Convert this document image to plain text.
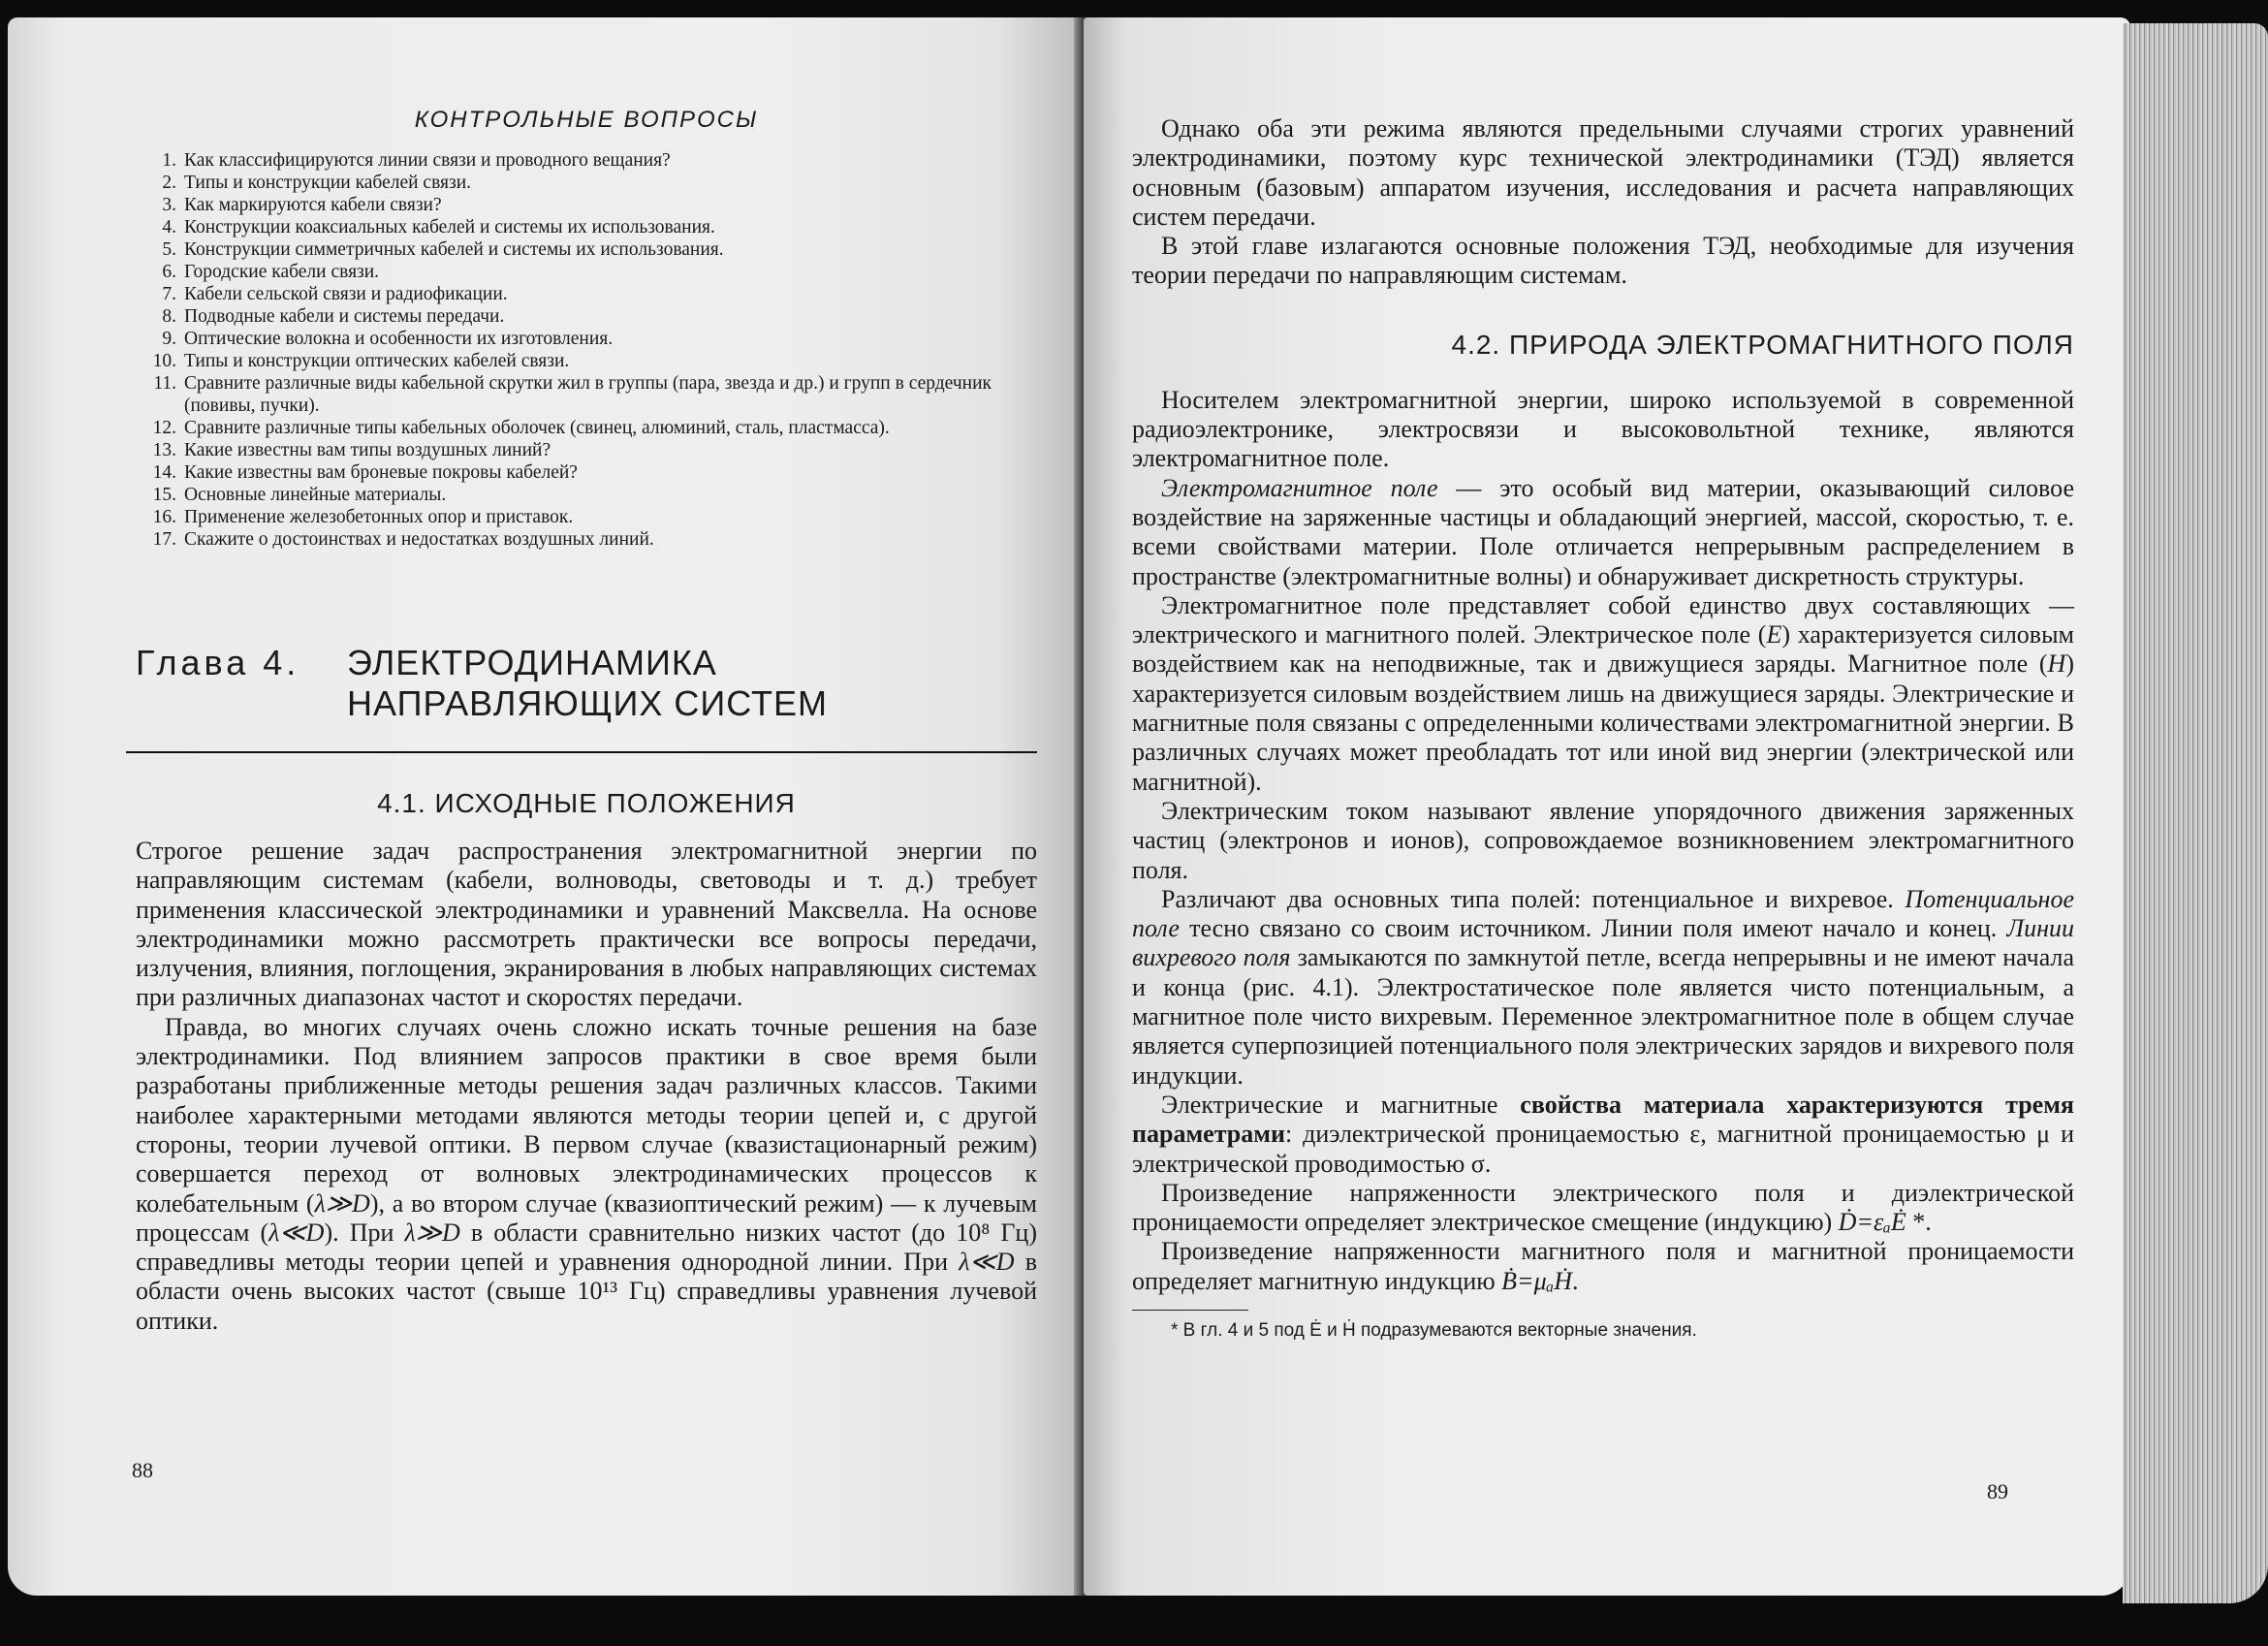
КОНТРОЛЬНЫЕ ВОПРОСЫ
1. Как классифицируются линии связи и проводного вещания?
2. Типы и конструкции кабелей связи.
3. Как маркируются кабели связи?
4. Конструкции коаксиальных кабелей и системы их использования.
5. Конструкции симметричных кабелей и системы их использования.
6. Городские кабели связи.
7. Кабели сельской связи и радиофикации.
8. Подводные кабели и системы передачи.
9. Оптические волокна и особенности их изготовления.
10. Типы и конструкции оптических кабелей связи.
11. Сравните различные виды кабельной скрутки жил в группы (пара, звезда и др.) и групп в сердечник (повивы, пучки).
12. Сравните различные типы кабельных оболочек (свинец, алюминий, сталь, пластмасса).
13. Какие известны вам типы воздушных линий?
14. Какие известны вам броневые покровы кабелей?
15. Основные линейные материалы.
16. Применение железобетонных опор и приставок.
17. Скажите о достоинствах и недостатках воздушных линий.
Глава 4.	ЭЛЕКТРОДИНАМИКА
НАПРАВЛЯЮЩИХ СИСТЕМ
4.1. ИСХОДНЫЕ ПОЛОЖЕНИЯ

Строгое решение задач распространения электромагнитной энергии по направляющим системам (кабели, волноводы, световоды и т. д.) требует применения классической электродинамики и уравнений Максвелла. На основе электродинамики можно рассмотреть практически все вопросы передачи, излучения, влияния, поглощения, экранирования в любых направляющих системах при различных диапазонах частот и скоростях передачи.

Правда, во многих случаях очень сложно искать точные решения на базе электродинамики. Под влиянием запросов практики в свое время были разработаны приближенные методы решения задач различных классов. Такими наиболее характерными методами являются методы теории цепей и, с другой стороны, теории лучевой оптики. В первом случае (квазистационарный режим) совершается переход от волновых электродинамических процессов к колебательным (λ≫D), а во втором случае (квазиоптический режим) — к лучевым процессам (λ≪D). При λ≫D в области сравнительно низких частот (до 10⁸ Гц) справедливы методы теории цепей и уравнения однородной линии. При λ≪D в области очень высоких частот (свыше 10¹³ Гц) справедливы уравнения лучевой оптики.

88

Однако оба эти режима являются предельными случаями строгих уравнений электродинамики, поэтому курс технической электродинамики (ТЭД) является основным (базовым) аппаратом изучения, исследования и расчета направляющих систем передачи.

В этой главе излагаются основные положения ТЭД, необходимые для изучения теории передачи по направляющим системам.

4.2. ПРИРОДА ЭЛЕКТРОМАГНИТНОГО ПОЛЯ

Носителем электромагнитной энергии, широко используемой в современной радиоэлектронике, электросвязи и высоковольтной технике, являются электромагнитное поле.

Электромагнитное поле — это особый вид материи, оказывающий силовое воздействие на заряженные частицы и обладающий энергией, массой, скоростью, т. е. всеми свойствами материи. Поле отличается непрерывным распределением в пространстве (электромагнитные волны) и обнаруживает дискретность структуры.

Электромагнитное поле представляет собой единство двух составляющих — электрического и магнитного полей. Электрическое поле (E) характеризуется силовым воздействием как на неподвижные, так и движущиеся заряды. Магнитное поле (H) характеризуется силовым воздействием лишь на движущиеся заряды. Электрические и магнитные поля связаны с определенными количествами электромагнитной энергии. В различных случаях может преобладать тот или иной вид энергии (электрической или магнитной).

Электрическим током называют явление упорядочного движения заряженных частиц (электронов и ионов), сопровождаемое возникновением электромагнитного поля.

Различают два основных типа полей: потенциальное и вихревое. Потенциальное поле тесно связано со своим источником. Линии поля имеют начало и конец. Линии вихревого поля замыкаются по замкнутой петле, всегда непрерывны и не имеют начала и конца (рис. 4.1). Электростатическое поле является чисто потенциальным, а магнитное поле чисто вихревым. Переменное электромагнитное поле в общем случае является суперпозицией потенциального поля электрических зарядов и вихревого поля индукции.

Электрические и магнитные свойства материала характеризуются тремя параметрами: диэлектрической проницаемостью ε, магнитной проницаемостью μ и электрической проводимостью σ.

Произведение напряженности электрического поля и диэлектрической проницаемости определяет электрическое смещение (индукцию) Ḋ=εₐĖ *.

Произведение напряженности магнитного поля и магнитной проницаемости определяет магнитную индукцию Ḃ=μₐḢ.

* В гл. 4 и 5 под Ė и Ḣ подразумеваются векторные значения.
89
